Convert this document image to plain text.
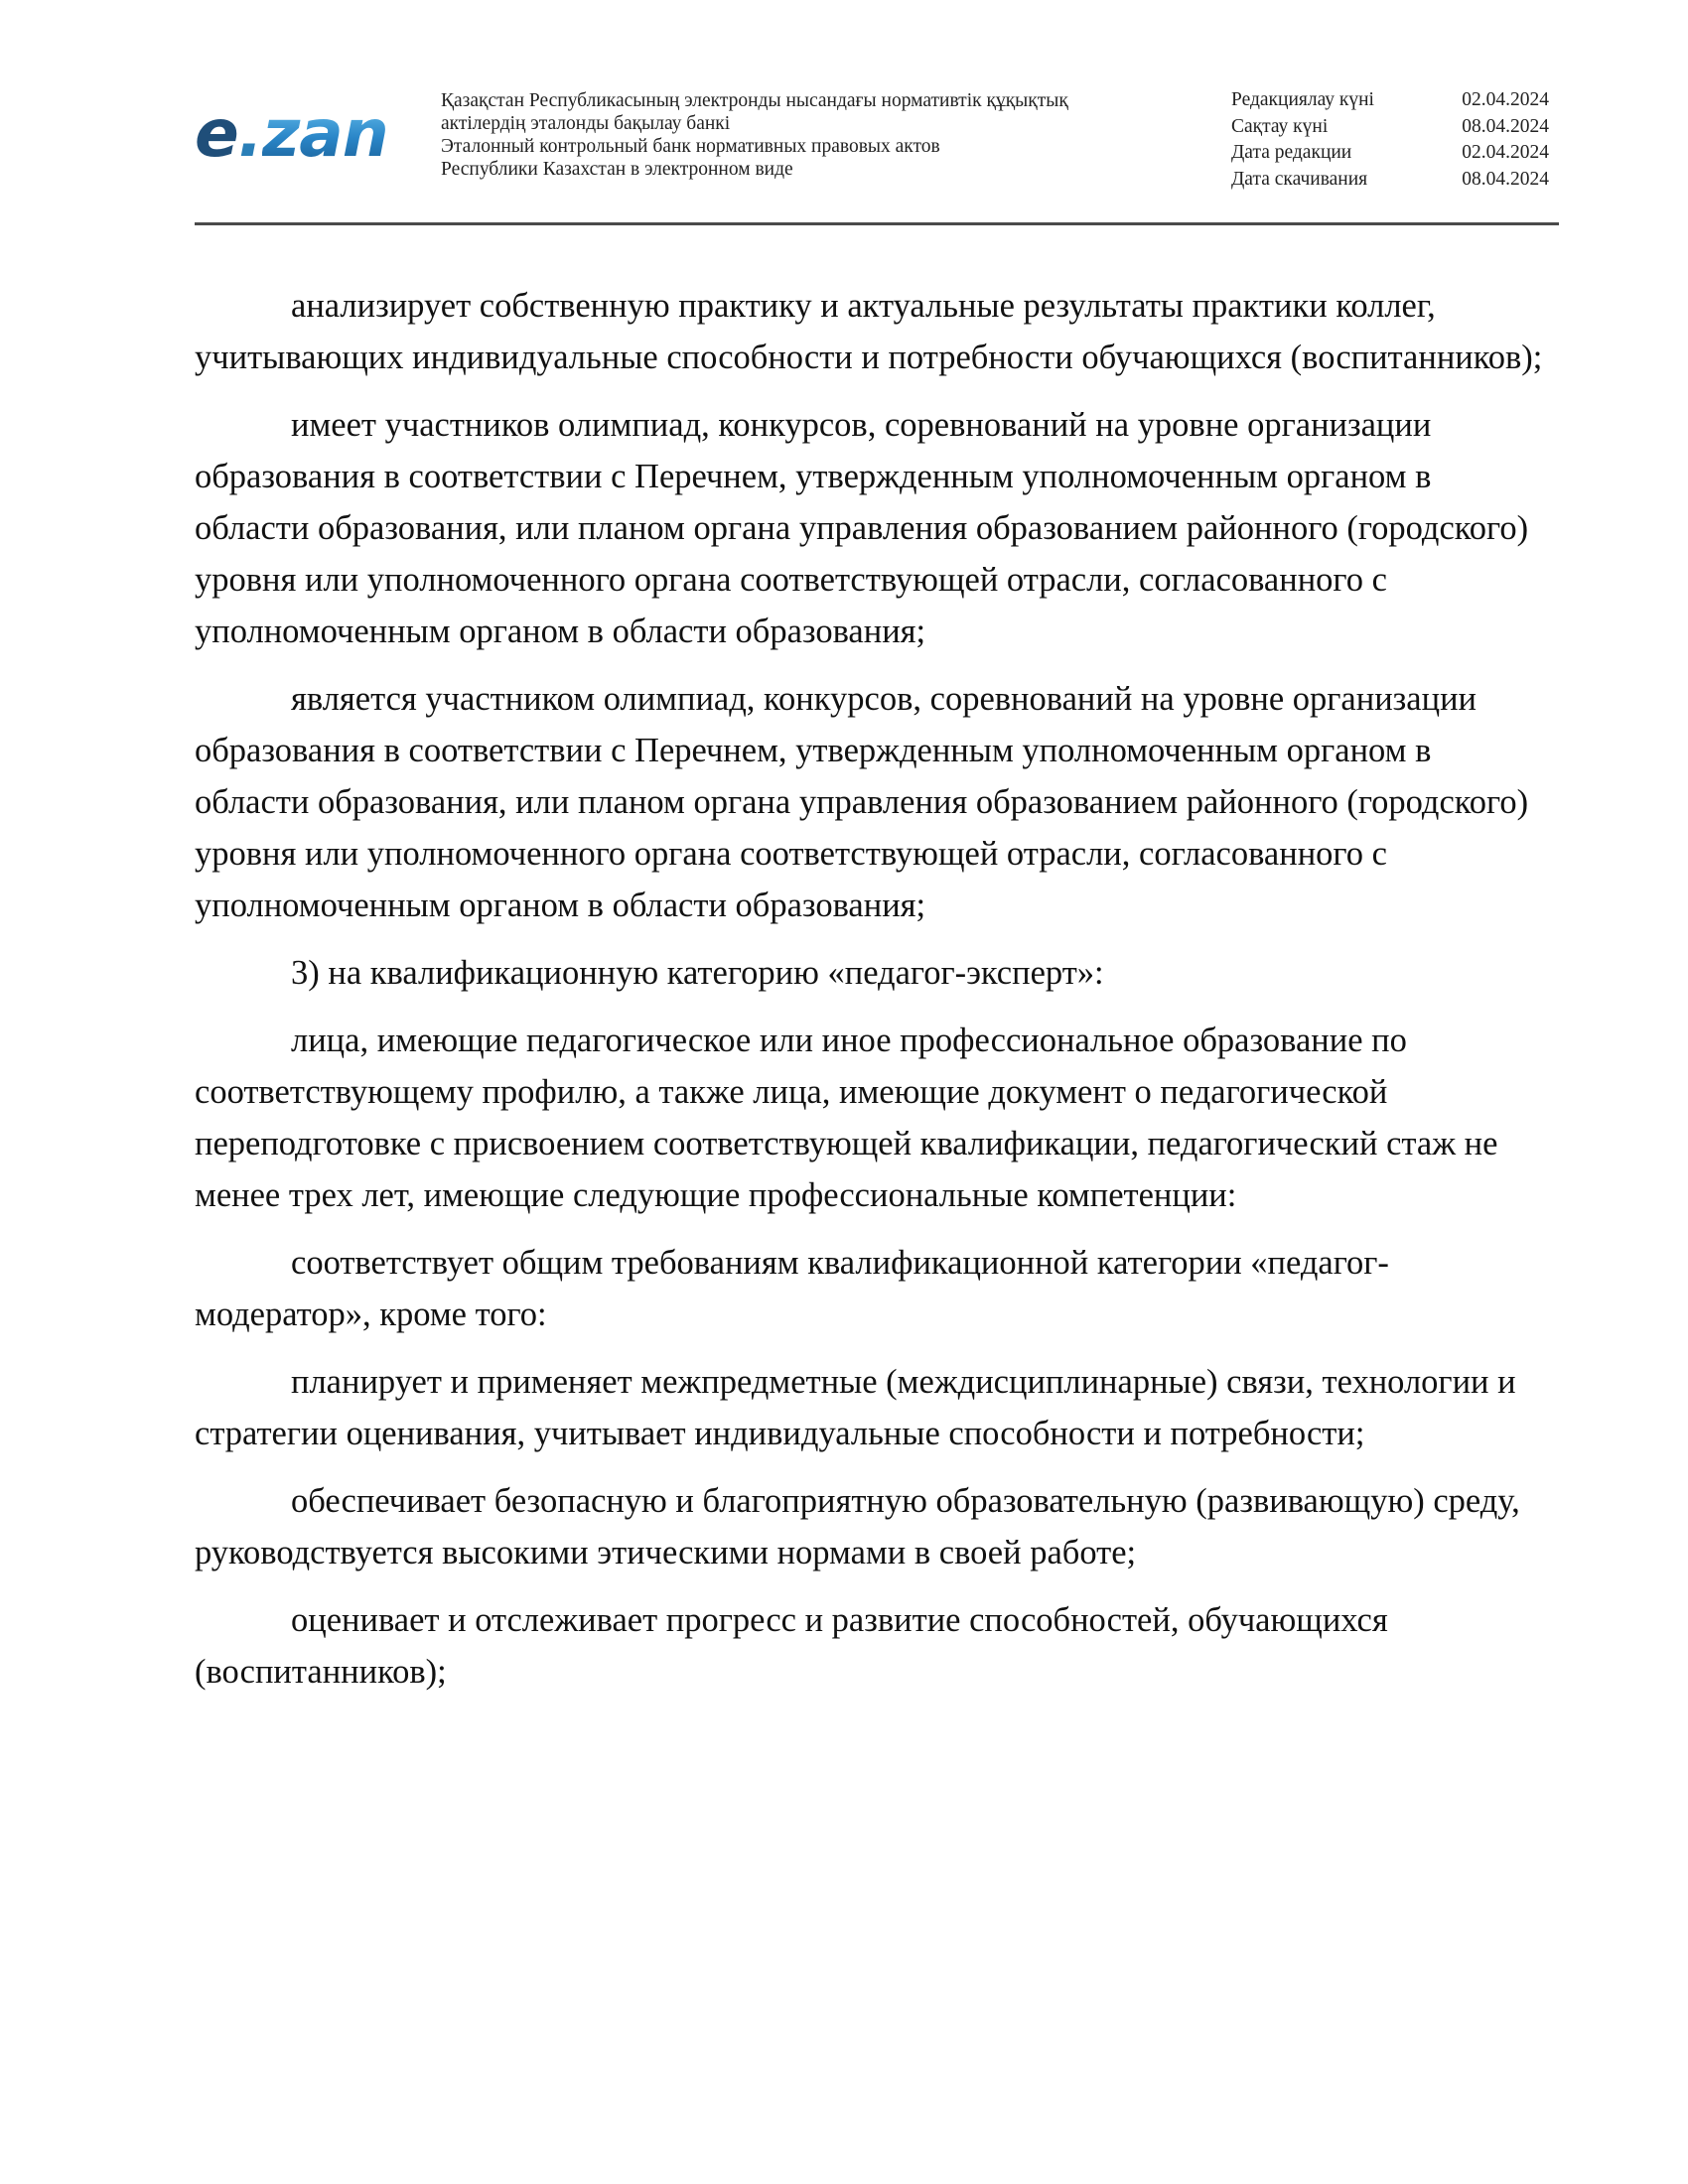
e . zan	Қазақстан Республикасының электронды нысандағы нормативтік құқықтық
актілердің эталонды бақылау банкі
Эталонный контрольный банк нормативных правовых актов
Республики Казахстан в электронном виде
Редакциялау күні	02.04.2024
Сақтау күні	08.04.2024
Дата редакции	02.04.2024
Дата скачивания	08.04.2024

анализирует собственную практику и актуальные результаты практики коллег, учитывающих индивидуальные способности и потребности обучающихся (воспитанников);

имеет участников олимпиад, конкурсов, соревнований на уровне организации образования в соответствии с Перечнем, утвержденным уполномоченным органом в области образования, или планом органа управления образованием районного (городского) уровня или уполномоченного органа соответствующей отрасли, согласованного с уполномоченным органом в области образования;

является участником олимпиад, конкурсов, соревнований на уровне организации образования в соответствии с Перечнем, утвержденным уполномоченным органом в области образования, или планом органа управления образованием районного (городского) уровня или уполномоченного органа соответствующей отрасли, согласованного с уполномоченным органом в области образования;

3) на квалификационную категорию «педагог-эксперт»:

лица, имеющие педагогическое или иное профессиональное образование по соответствующему профилю, а также лица, имеющие документ о педагогической переподготовке с присвоением соответствующей квалификации, педагогический стаж не менее трех лет, имеющие следующие профессиональные компетенции:

соответствует общим требованиям квалификационной категории «педагог-модератор», кроме того:

планирует и применяет межпредметные (междисциплинарные) связи, технологии и стратегии оценивания, учитывает индивидуальные способности и потребности;

обеспечивает безопасную и благоприятную образовательную (развивающую) среду, руководствуется высокими этическими нормами в своей работе;

оценивает и отслеживает прогресс и развитие способностей, обучающихся (воспитанников);
